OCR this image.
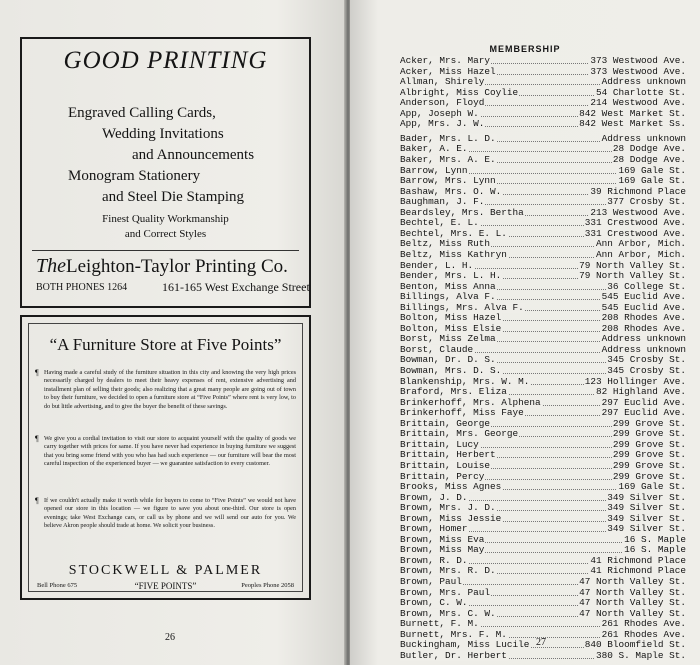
GOOD PRINTING
Engraved Calling Cards,
Wedding Invitations
and Announcements
Monogram Stationery
and Steel Die Stamping
Finest Quality Workmanship
and Correct Styles
TheLeighton-Taylor Printing Co.
BOTH PHONES 1264	161-165 West Exchange Street
“A Furniture Store at Five Points”
¶ Having made a careful study of the furniture situation in this city and knowing the very high prices necessarily charged by dealers to meet their heavy expenses of rent, extensive advertising and installment plan of selling their goods; also realizing that a great many people are going out of town to buy their furniture, we decided to open a furniture store at “Five Points” where rent is very low, to do but little advertising, and to give the buyer the benefit of these savings.
¶ We give you a cordial invitation to visit our store to acquaint yourself with the quality of goods we carry together with prices for same. If you have never had experience in buying furniture we suggest that you bring some friend with you who has had such experience — our furniture will bear the most careful inspection of the experienced buyer — we guarantee satisfaction to every customer.
¶ If we couldn't actually make it worth while for buyers to come to “Five Points” we would not have opened our store in this location — we figure to save you about one-third. Our store is open evenings; take West Exchange cars, or call us by phone and we will send our auto for you. We believe Akron people should trade at home. We solicit your business.
STOCKWELL & PALMER
“FIVE POINTS”
Bell Phone 675	Peoples Phone 2058
26
MEMBERSHIP
27
Acker, Mrs. Mary	373 Westwood Ave.
Acker, Miss Hazel	373 Westwood Ave.
Allman, Shirely	Address unknown
Albright, Miss Coylie	54 Charlotte St.
Anderson, Floyd	214 Westwood Ave.
App, Joseph W.	842 West Market St.
App, Mrs. J. W.	842 West Market Ss.
Bader, Mrs. L. D.	Address unknown
Baker, A. E.	28 Dodge Ave.
Baker, Mrs. A. E.	28 Dodge Ave.
Barrow, Lynn	169 Gale St.
Barrow, Mrs. Lynn	169 Gale St.
Bashaw, Mrs. O. W.	39 Richmond Place
Baughman, J. F.	377 Crosby St.
Beardsley, Mrs. Bertha	213 Westwood Ave.
Bechtel, E. L.	331 Crestwood Ave.
Bechtel, Mrs. E. L.	331 Crestwood Ave.
Beltz, Miss Ruth	Ann Arbor, Mich.
Beltz, Miss Kathryn	Ann Arbor, Mich.
Bender, L. H.	79 North Valley St.
Bender, Mrs. L. H.	79 North Valley St.
Benton, Miss Anna	36 College St.
Billings, Alva F.	545 Euclid Ave.
Billings, Mrs. Alva F.	545 Euclid Ave.
Bolton, Miss Hazel	208 Rhodes Ave.
Bolton, Miss Elsie	208 Rhodes Ave.
Borst, Miss Zelma	Address unknown
Borst, Claude	Address unknown
Bowman, Dr. D. S.	345 Crosby St.
Bowman, Mrs. D. S.	345 Crosby St.
Blankenship, Mrs. W. M.	123 Hollinger Ave.
Braford, Mrs. Eliza	82 Highland Ave.
Brinkerhoff, Mrs. Alphena	297 Euclid Ave.
Brinkerhoff, Miss Faye	297 Euclid Ave.
Brittain, George	299 Grove St.
Brittain, Mrs. George	299 Grove St.
Brittain, Lucy	299 Grove St.
Brittain, Herbert	299 Grove St.
Brittain, Louise	299 Grove St.
Brittain, Percy	299 Grove St.
Brooks, Miss Agnes	169 Gale St.
Brown, J. D.	349 Silver St.
Brown, Mrs. J. D.	349 Silver St.
Brown, Miss Jessie	349 Silver St.
Brown, Homer	349 Silver St.
Brown, Miss Eva	16 S. Maple
Brown, Miss May	16 S. Maple
Brown, R. D.	41 Richmond Place
Brown, Mrs. R. D.	41 Richmond Place
Brown, Paul	47 North Valley St.
Brown, Mrs. Paul	47 North Valley St.
Brown, C. W.	47 North Valley St.
Brown, Mrs. C. W.	47 North Valley St.
Burnett, F. M.	261 Rhodes Ave.
Burnett, Mrs. F. M.	261 Rhodes Ave.
Buckingham, Miss Lucile	840 Bloomfield St.
Butler, Dr. Herbert	380 S. Maple St.
